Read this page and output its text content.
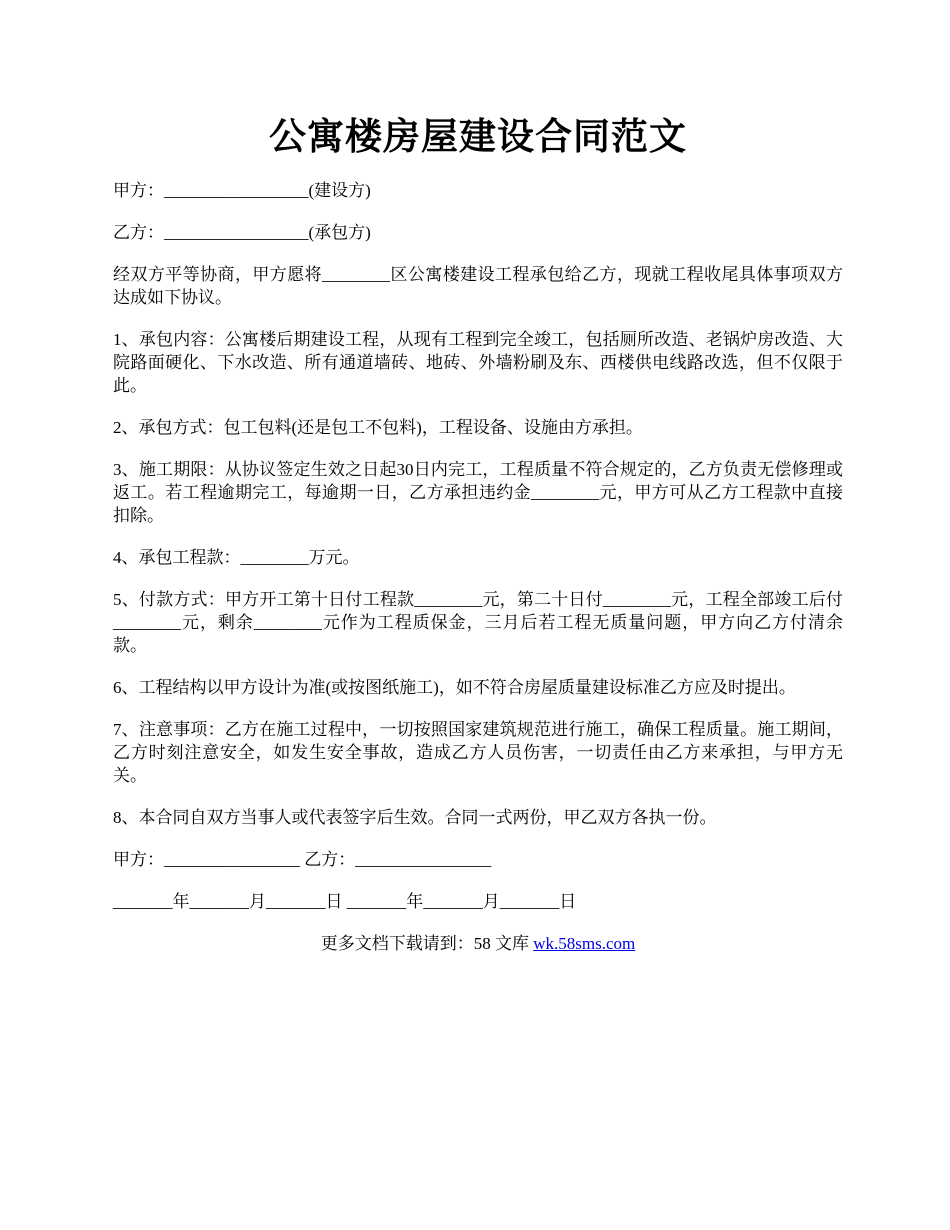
公寓楼房屋建设合同范文

甲方：_________________(建设方)

乙方：_________________(承包方)

经双方平等协商，甲方愿将________区公寓楼建设工程承包给乙方，现就工程收尾具体事项双方达成如下协议。

1、承包内容：公寓楼后期建设工程，从现有工程到完全竣工，包括厕所改造、老锅炉房改造、大院路面硬化、下水改造、所有通道墙砖、地砖、外墙粉刷及东、西楼供电线路改选，但不仅限于此。

2、承包方式：包工包料(还是包工不包料)，工程设备、设施由方承担。

3、施工期限：从协议签定生效之日起30日内完工，工程质量不符合规定的，乙方负责无偿修理或返工。若工程逾期完工，每逾期一日，乙方承担违约金________元，甲方可从乙方工程款中直接扣除。

4、承包工程款：________万元。

5、付款方式：甲方开工第十日付工程款________元，第二十日付________元，工程全部竣工后付________元，剩余________元作为工程质保金，三月后若工程无质量问题，甲方向乙方付清余款。

6、工程结构以甲方设计为准(或按图纸施工)，如不符合房屋质量建设标准乙方应及时提出。

7、注意事项：乙方在施工过程中，一切按照国家建筑规范进行施工，确保工程质量。施工期间，乙方时刻注意安全，如发生安全事故，造成乙方人员伤害，一切责任由乙方来承担，与甲方无关。

8、本合同自双方当事人或代表签字后生效。合同一式两份，甲乙双方各执一份。

甲方：________________ 乙方：________________

_______年_______月_______日 _______年_______月_______日

更多文档下载请到：58 文库 wk.58sms.com
